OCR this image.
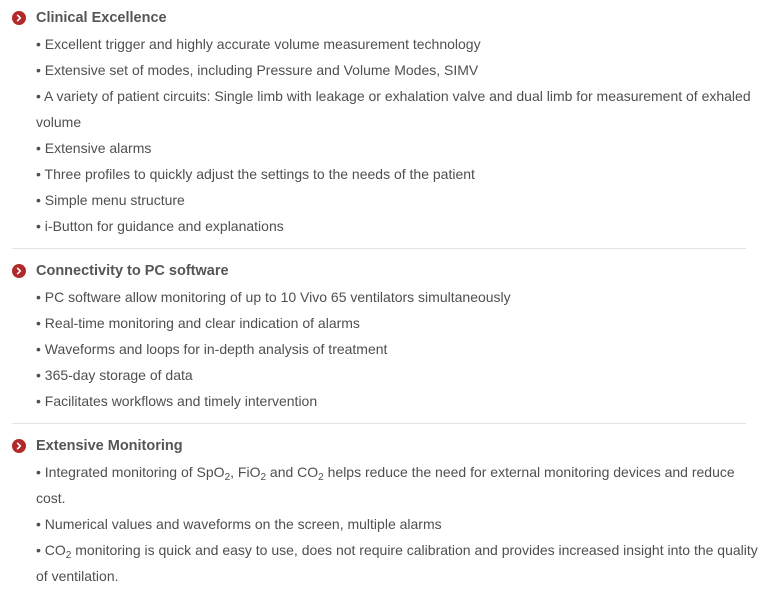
Clinical Excellence

• Excellent trigger and highly accurate volume measurement technology

• Extensive set of modes, including Pressure and Volume Modes, SIMV

• A variety of patient circuits: Single limb with leakage or exhalation valve and dual limb for measurement of exhaled volume

• Extensive alarms

• Three profiles to quickly adjust the settings to the needs of the patient

• Simple menu structure

• i-Button for guidance and explanations

Connectivity to PC software

• PC software allow monitoring of up to 10 Vivo 65 ventilators simultaneously

• Real-time monitoring and clear indication of alarms

• Waveforms and loops for in-depth analysis of treatment

• 365-day storage of data

• Facilitates workflows and timely intervention

Extensive Monitoring

• Integrated monitoring of SpO$_2$, FiO$_2$ and $CO_2$ helps reduce the need for external monitoring devices and reduce cost.

• Numerical values and waveforms on the screen, multiple alarms

• $CO_2$ monitoring is quick and easy to use, does not require calibration and provides increased insight into the quality of ventilation.
